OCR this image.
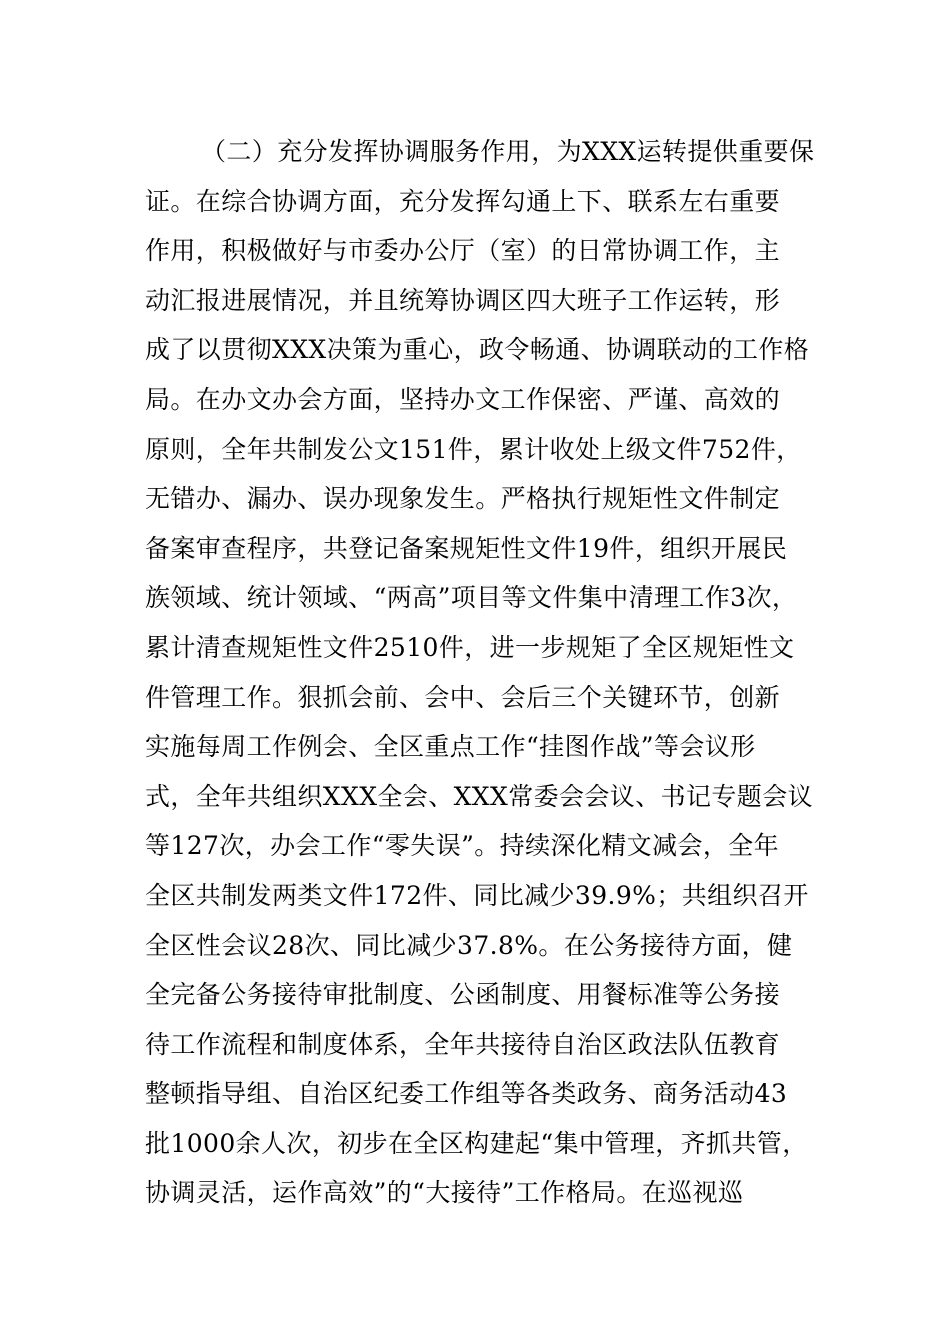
（二）充分发挥协调服务作用，为XXX运转提供重要保
证。在综合协调方面，充分发挥勾通上下、联系左右重要
作用，积极做好与市委办公厅（室）的日常协调工作，主
动汇报进展情况，并且统筹协调区四大班子工作运转，形
成了以贯彻XXX决策为重心，政令畅通、协调联动的工作格
局。在办文办会方面，坚持办文工作保密、严谨、高效的
原则，全年共制发公文151件，累计收处上级文件752件，
无错办、漏办、误办现象发生。严格执行规矩性文件制定
备案审查程序，共登记备案规矩性文件19件，组织开展民
族领域、统计领域、“两高”项目等文件集中清理工作3次，
累计清查规矩性文件2510件，进一步规矩了全区规矩性文
件管理工作。狠抓会前、会中、会后三个关键环节，创新
实施每周工作例会、全区重点工作“挂图作战”等会议形
式，全年共组织XXX全会、XXX常委会会议、书记专题会议
等127次，办会工作“零失误”。持续深化精文减会，全年
全区共制发两类文件172件、同比减少39.9%；共组织召开
全区性会议28次、同比减少37.8%。在公务接待方面，健
全完备公务接待审批制度、公函制度、用餐标准等公务接
待工作流程和制度体系，全年共接待自治区政法队伍教育
整顿指导组、自治区纪委工作组等各类政务、商务活动43
批1000余人次，初步在全区构建起“集中管理，齐抓共管，
协调灵活，运作高效”的“大接待”工作格局。在巡视巡
